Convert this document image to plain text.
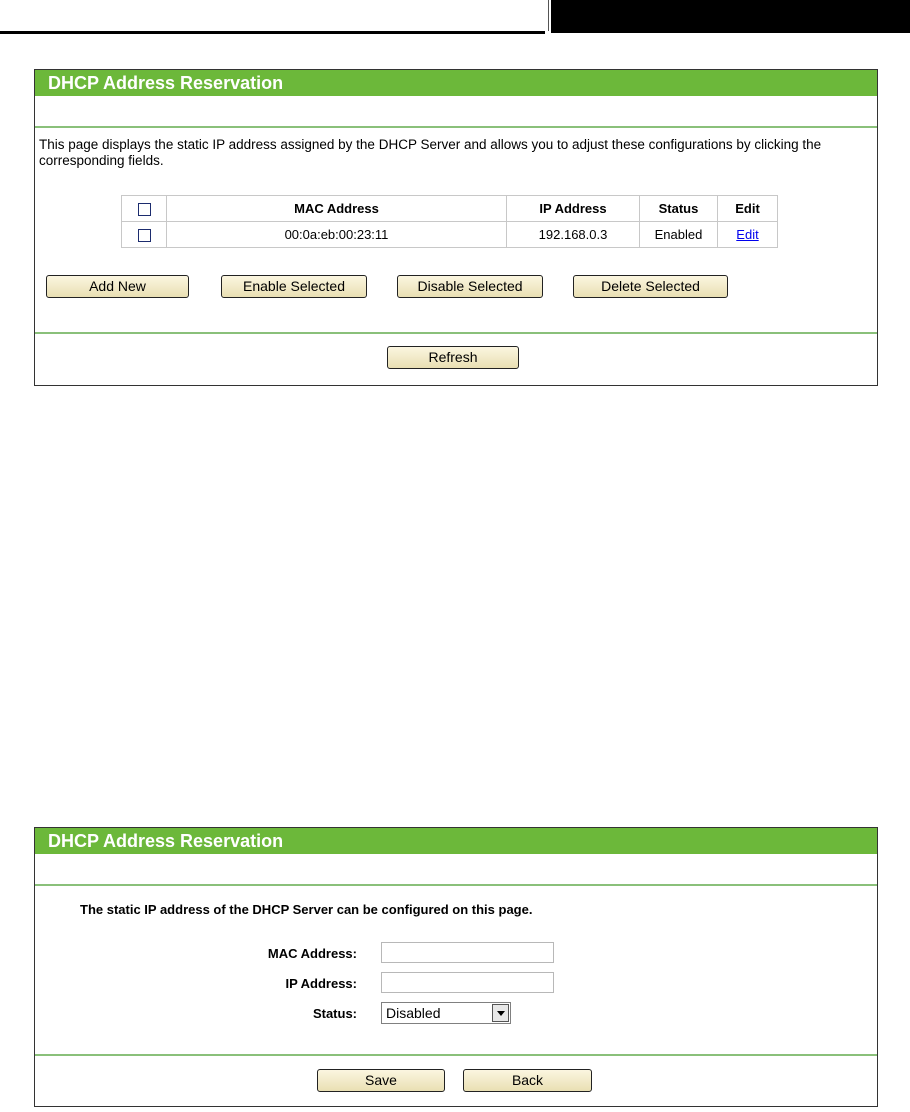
DHCP Address Reservation
This page displays the static IP address assigned by the DHCP Server and allows you to adjust these configurations by clicking the corresponding fields.
	MAC Address	IP Address	Status	Edit
	00:0a:eb:00:23:11	192.168.0.3	Enabled	Edit
Add New	Enable Selected	Disable Selected	Delete Selected
Refresh
DHCP Address Reservation
The static IP address of the DHCP Server can be configured on this page.
MAC Address:
IP Address:
Status:	Disabled
Save	Back
